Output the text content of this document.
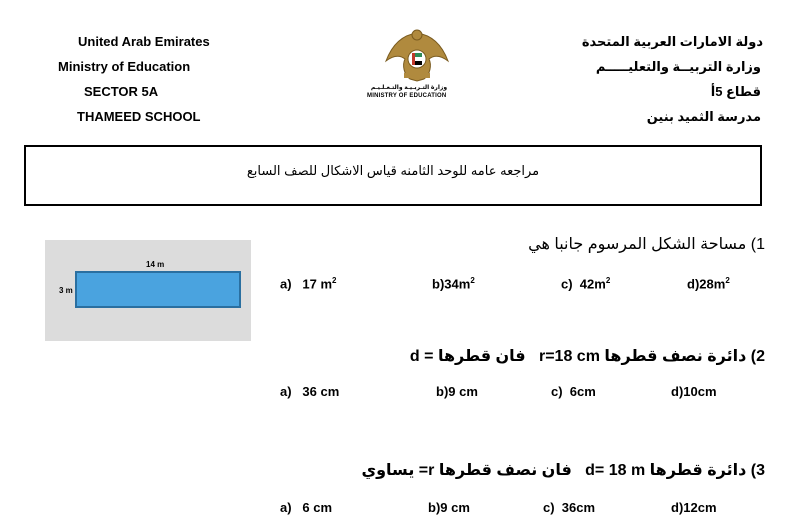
United Arab Emirates
Ministry of Education
SECTOR 5A
THAMEED SCHOOL
دولة الامارات العربية المتحدة
وزارة التربيــة والتعليـــــم
قطاع 5أ
مدرسة الثميد بنين
وزارة التـربـيـة والتـعـلـيـم
MINISTRY OF EDUCATION
مراجعه عامه للوحد الثامنه قياس الاشكال للصف السابع
14 m
3 m
1) مساحة الشكل المرسوم جانبا هي
a) 17 $m^2$	$b)34m^2$	c) $42m^2$	$d)28m^2$
2) دائرة نصف قطرها r=18 cm   فان قطرها d =
a) 36 cm	b)9 cm	c) 6cm	d)10cm
3) دائرة قطرها d= 18 m   فان نصف قطرها r= يساوي
a) 6 cm	b)9 cm	c) 36cm	d)12cm
